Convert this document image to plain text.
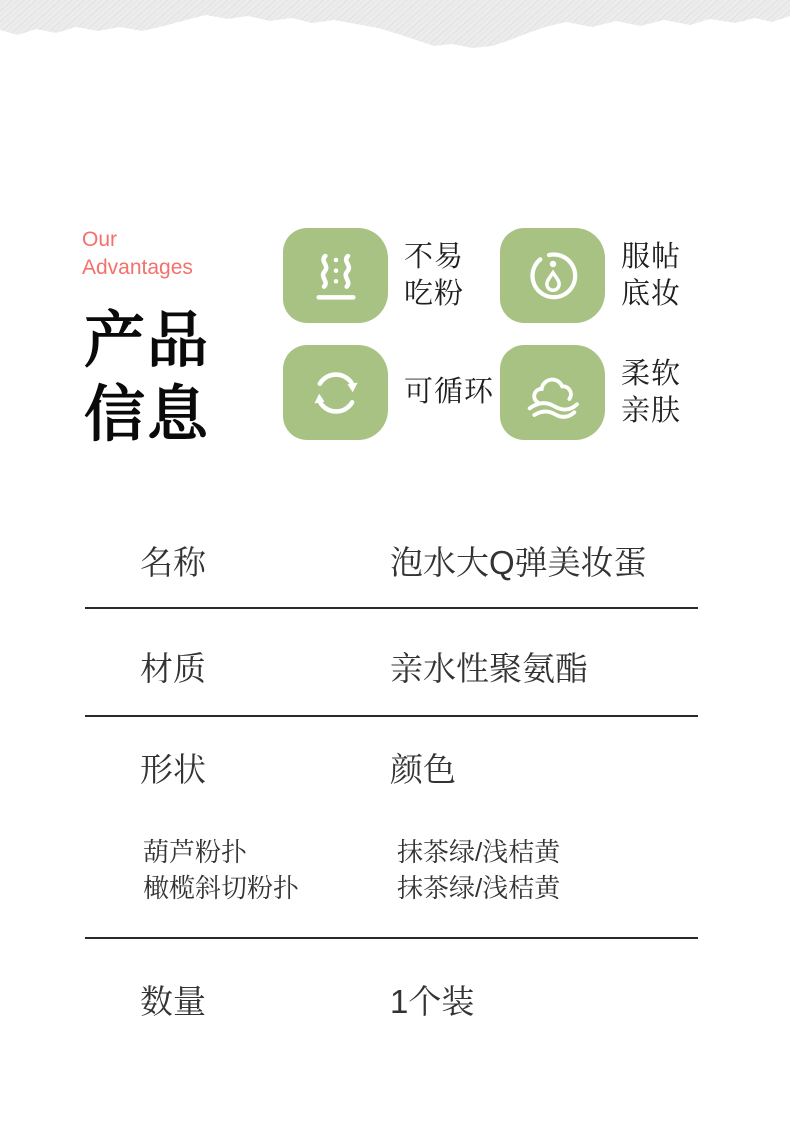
Our Advantages
产品
信息
不易
吃粉
服帖
底妆
可循环
柔软
亲肤
名称	泡水大Q弹美妆蛋
材质	亲水性聚氨酯
形状	颜色
葫芦粉扑	抹茶绿/浅桔黄
橄榄斜切粉扑	抹茶绿/浅桔黄
数量	1个装
